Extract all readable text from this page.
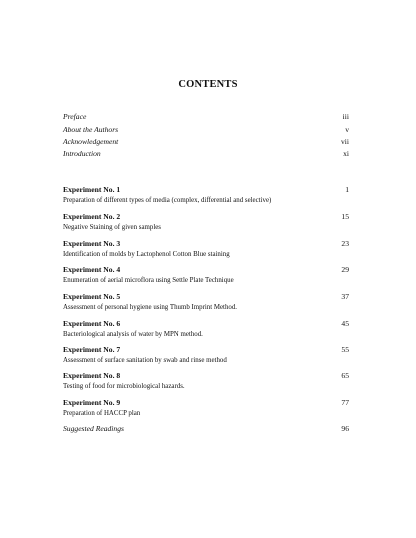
CONTENTS
Preface	iii
About the Authors	v
Acknowledgement	vii
Introduction	xi
Experiment No. 1	1
Preparation of different types of media (complex, differential and selective)
Experiment No. 2	15
Negative Staining of given samples
Experiment No. 3	23
Identification of molds by Lactophenol Cotton Blue staining
Experiment No. 4	29
Enumeration of aerial microflora using Settle Plate Technique
Experiment No. 5	37
Assessment of personal hygiene using Thumb Imprint Method.
Experiment No. 6	45
Bacteriological analysis of water by MPN method.
Experiment No. 7	55
Assessment of surface sanitation by swab and rinse method
Experiment No. 8	65
Testing of food for microbiological hazards.
Experiment No. 9	77
Preparation of HACCP plan
Suggested Readings	96
